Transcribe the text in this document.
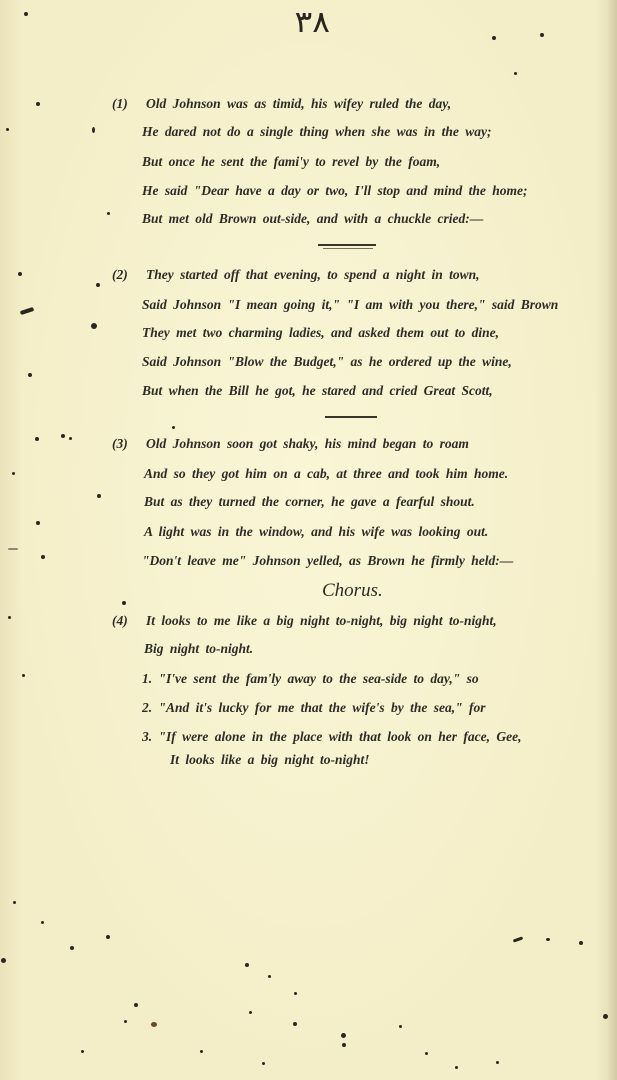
٣٨
(1) Old Johnson was as timid, his wifey ruled the day,
He dared not do a single thing when she was in the way;
But once he sent the fami'y to revel by the foam,
He said "Dear have a day or two, I'll stop and mind the home;
But met old Brown out-side, and with a chuckle cried:—
(2) They started off that evening, to spend a night in town,
Said Johnson "I mean going it," "I am with you there," said Brown
They met two charming ladies, and asked them out to dine,
Said Johnson "Blow the Budget," as he ordered up the wine,
But when the Bill he got, he stared and cried Great Scott,
(3) Old Johnson soon got shaky, his mind began to roam
And so they got him on a cab, at three and took him home.
But as they turned the corner, he gave a fearful shout.
A light was in the window, and his wife was looking out.
"Don't leave me" Johnson yelled, as Brown he firmly held:—
Chorus.
(4) It looks to me like a big night to-night, big night to-night,
Big night to-night.
1. "I've sent the fam'ly away to the sea-side to day," so
2. "And it's lucky for me that the wife's by the sea," for
3. "If were alone in the place with that look on her face, Gee,
It looks like a big night to-night!
